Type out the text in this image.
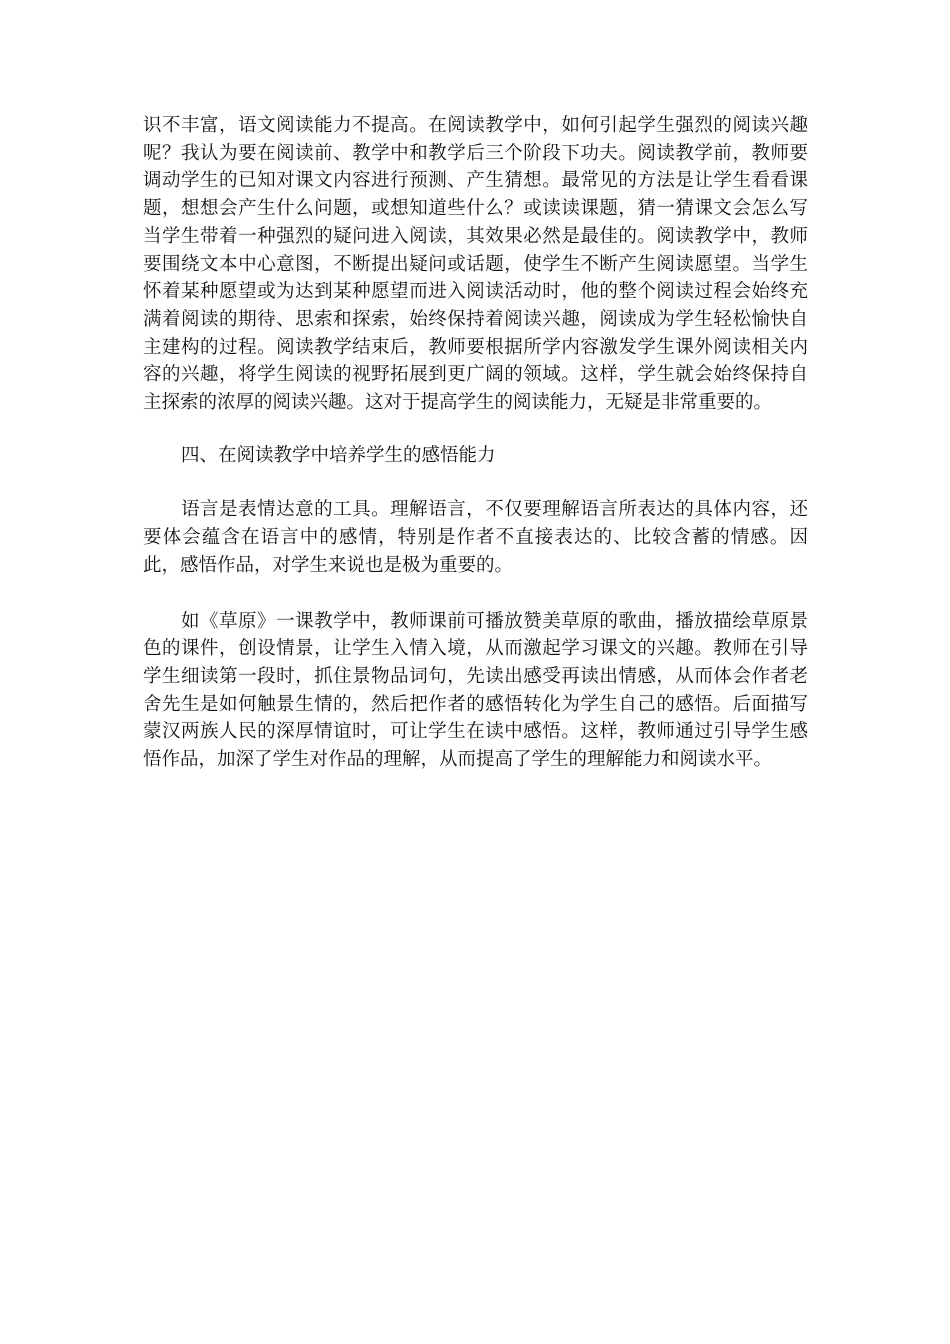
识不丰富，语文阅读能力不提高。在阅读教学中，如何引起学生强烈的阅读兴趣呢？我认为要在阅读前、教学中和教学后三个阶段下功夫。阅读教学前，教师要调动学生的已知对课文内容进行预测、产生猜想。最常见的方法是让学生看看课题，想想会产生什么问题，或想知道些什么？或读读课题，猜一猜课文会怎么写当学生带着一种强烈的疑问进入阅读，其效果必然是最佳的。阅读教学中，教师要围绕文本中心意图，不断提出疑问或话题，使学生不断产生阅读愿望。当学生怀着某种愿望或为达到某种愿望而进入阅读活动时，他的整个阅读过程会始终充满着阅读的期待、思索和探索，始终保持着阅读兴趣，阅读成为学生轻松愉快自主建构的过程。阅读教学结束后，教师要根据所学内容激发学生课外阅读相关内容的兴趣，将学生阅读的视野拓展到更广阔的领域。这样，学生就会始终保持自主探索的浓厚的阅读兴趣。这对于提高学生的阅读能力，无疑是非常重要的。

四、在阅读教学中培养学生的感悟能力

语言是表情达意的工具。理解语言，不仅要理解语言所表达的具体内容，还要体会蕴含在语言中的感情，特别是作者不直接表达的、比较含蓄的情感。因此，感悟作品，对学生来说也是极为重要的。

如《草原》一课教学中，教师课前可播放赞美草原的歌曲，播放描绘草原景色的课件，创设情景，让学生入情入境，从而激起学习课文的兴趣。教师在引导学生细读第一段时，抓住景物品词句，先读出感受再读出情感，从而体会作者老舍先生是如何触景生情的，然后把作者的感悟转化为学生自己的感悟。后面描写蒙汉两族人民的深厚情谊时，可让学生在读中感悟。这样，教师通过引导学生感悟作品，加深了学生对作品的理解，从而提高了学生的理解能力和阅读水平。
